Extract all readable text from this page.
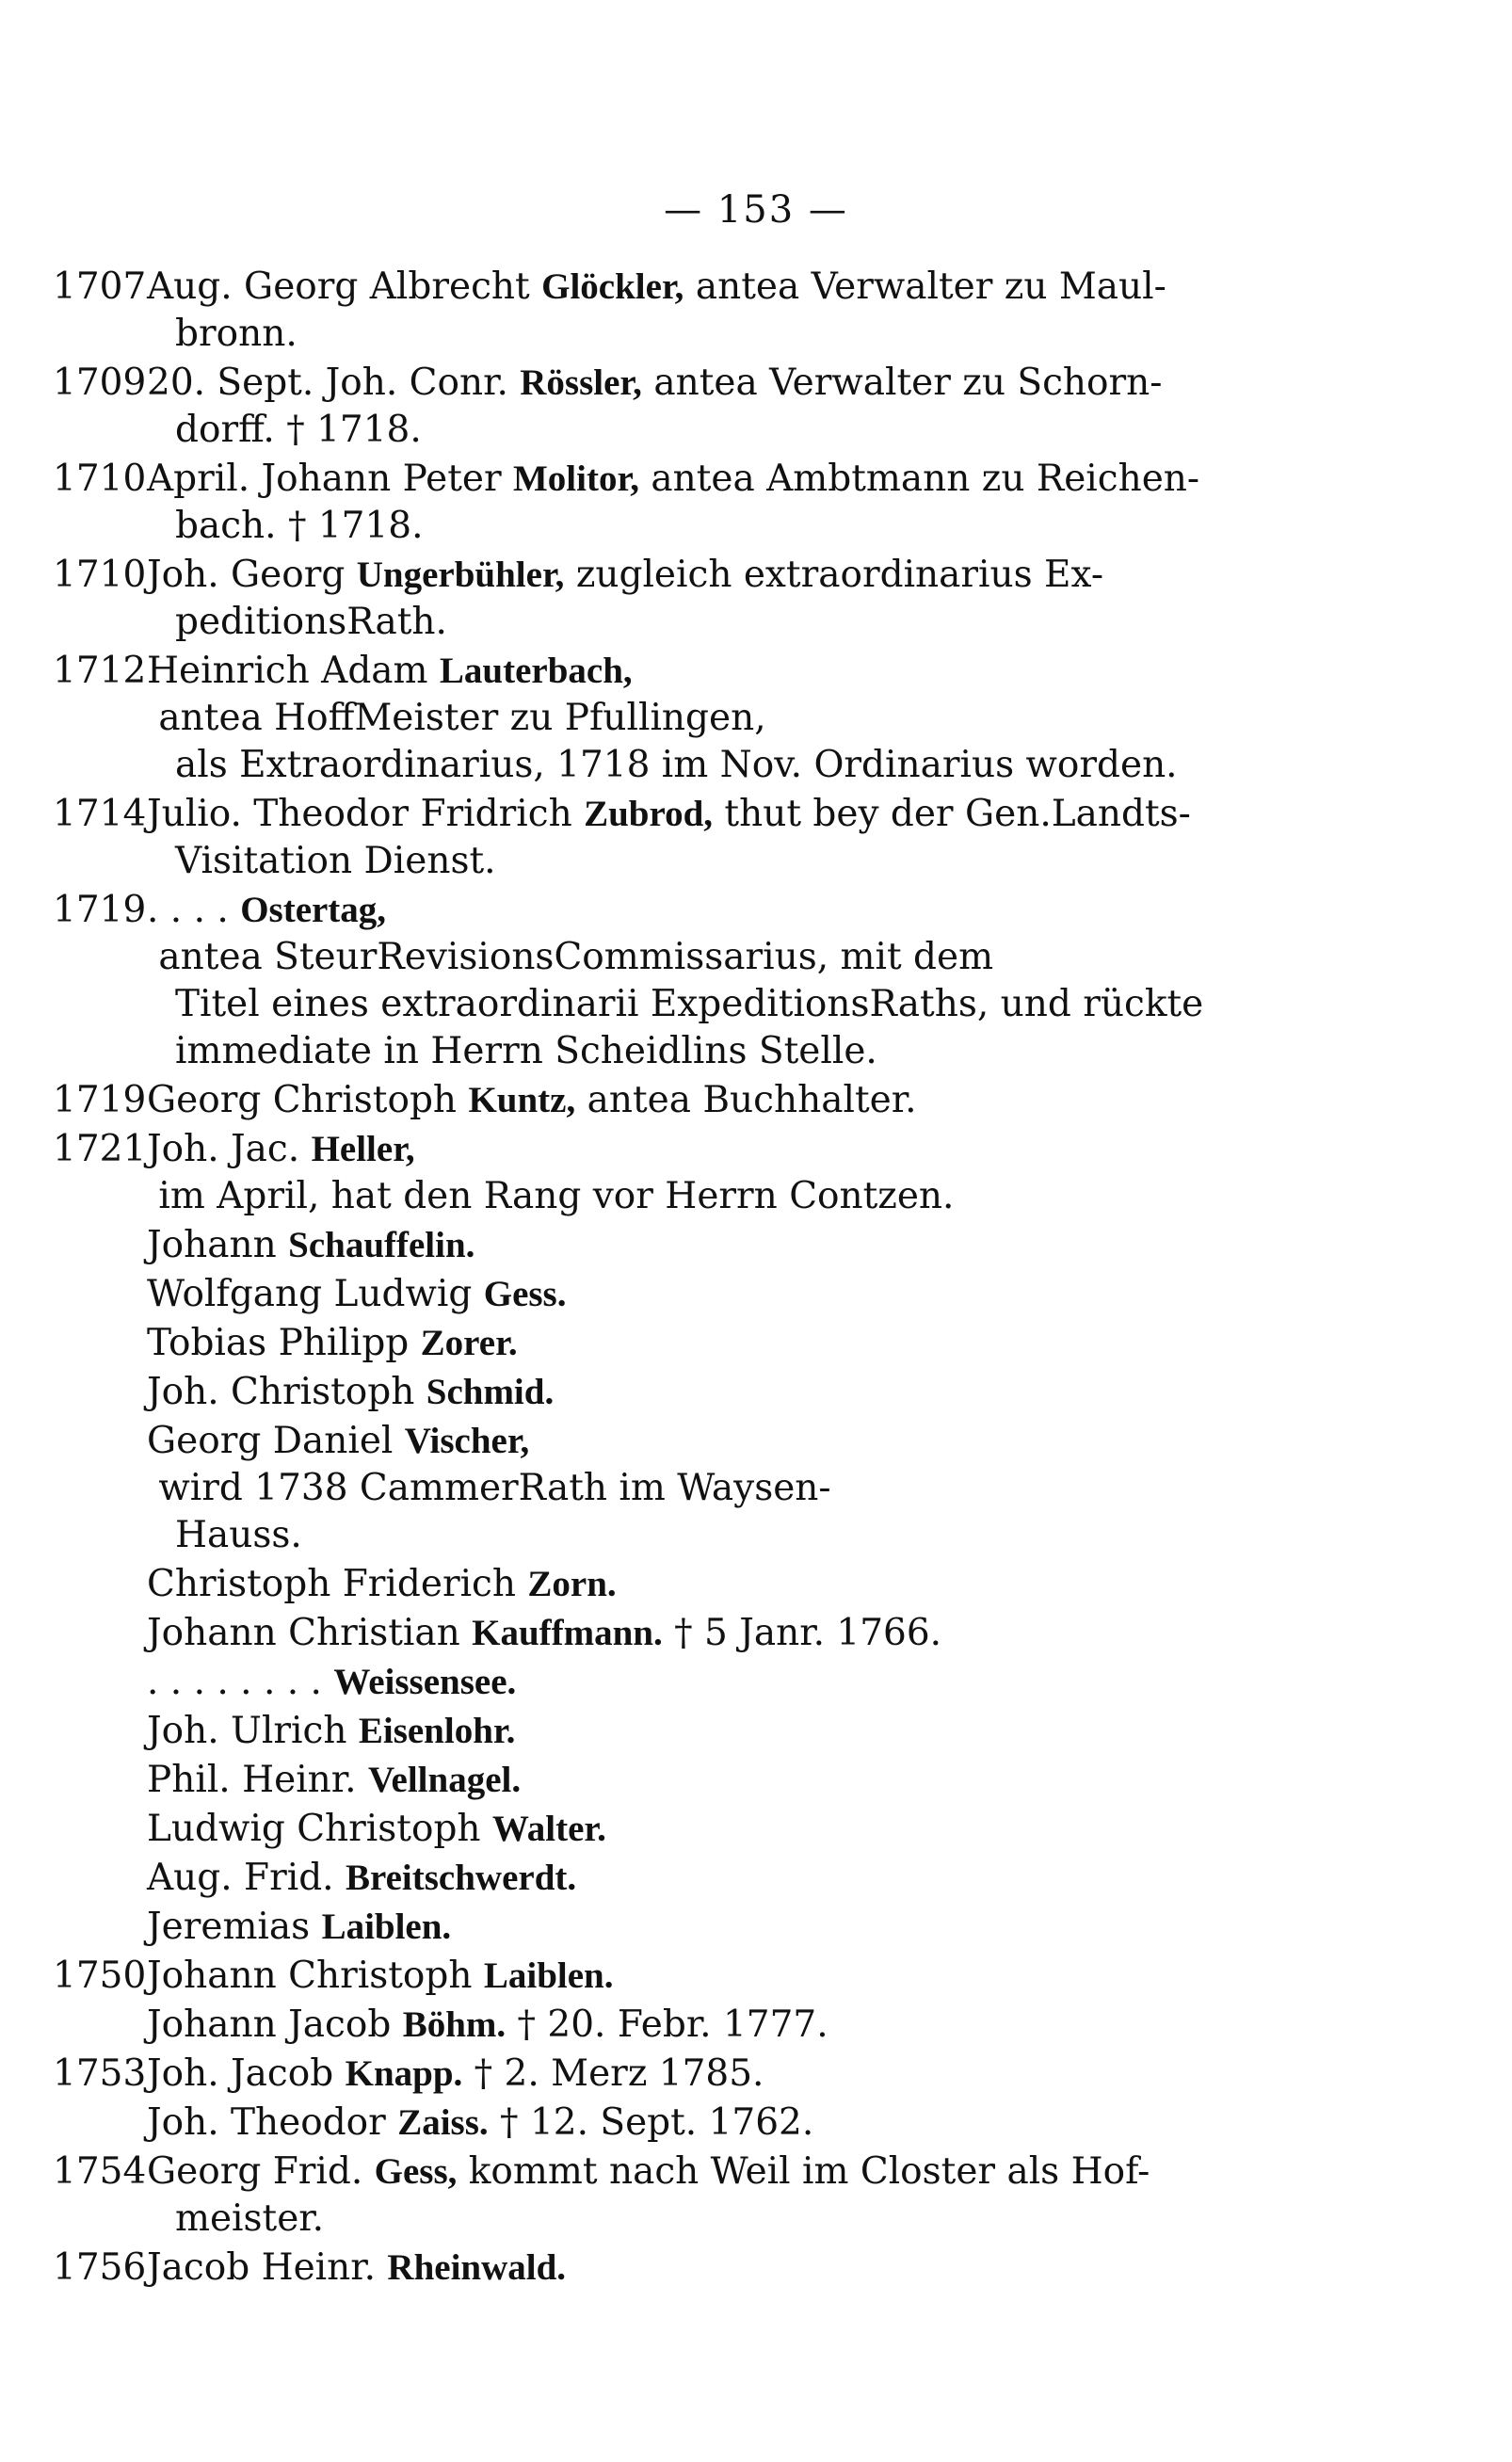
— 153 —
1707 Aug. Georg Albrecht Glöckler, antea Verwalter zu Maul-
bronn.
1709 20. Sept. Joh. Conr. Rössler, antea Verwalter zu Schorn-
dorff. † 1718.
1710 April. Johann Peter Molitor, antea Ambtmann zu Reichen-
bach. † 1718.
1710 Joh. Georg Ungerbühler, zugleich extraordinarius Ex-
peditionsRath.
1712 Heinrich Adam Lauterbach, antea HoffMeister zu Pfullingen,
als Extraordinarius, 1718 im Nov. Ordinarius worden.
1714 Julio. Theodor Fridrich Zubrod, thut bey der Gen.Landts-
Visitation Dienst.
1719 . . . . Ostertag, antea SteurRevisionsCommissarius, mit dem
Titel eines extraordinarii ExpeditionsRaths, und rückte
immediate in Herrn Scheidlins Stelle.
1719 Georg Christoph Kuntz, antea Buchhalter.
1721 Joh. Jac. Heller, im April, hat den Rang vor Herrn Contzen.
Johann Schauffelin.
Wolfgang Ludwig Gess.
Tobias Philipp Zorer.
Joh. Christoph Schmid.
Georg Daniel Vischer, wird 1738 CammerRath im Waysen-
Hauss.
Christoph Friderich Zorn.
Johann Christian Kauffmann. † 5 Janr. 1766.
. . . . . . . . Weissensee.
Joh. Ulrich Eisenlohr.
Phil. Heinr. Vellnagel.
Ludwig Christoph Walter.
Aug. Frid. Breitschwerdt.
Jeremias Laiblen.
1750 Johann Christoph Laiblen.
Johann Jacob Böhm. † 20. Febr. 1777.
1753 Joh. Jacob Knapp. † 2. Merz 1785.
Joh. Theodor Zaiss. † 12. Sept. 1762.
1754 Georg Frid. Gess, kommt nach Weil im Closter als Hof-
meister.
1756 Jacob Heinr. Rheinwald.
